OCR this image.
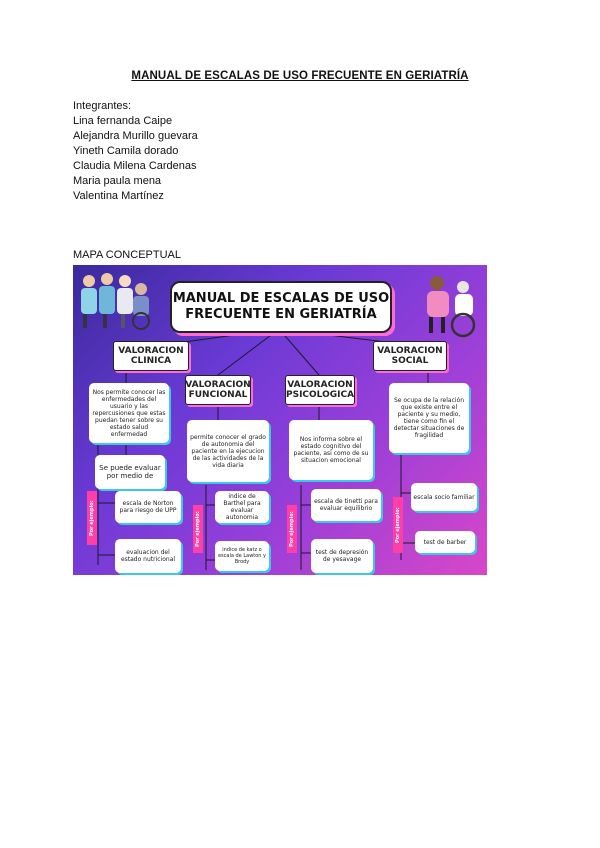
MANUAL DE ESCALAS DE USO FRECUENTE EN GERIATRÍA
Integrantes:
Lina fernanda Caipe
Alejandra Murillo guevara
Yineth Camila dorado
Claudia Milena Cardenas
Maria paula mena
Valentina Martínez
MAPA CONCEPTUAL
MANUAL DE ESCALAS DE USO FRECUENTE EN GERIATRÍA
VALORACION CLINICA
Nos permite conocer las enfermedades del usuario y las repercusiones que estas puedan tener sobre su estado salud enfermedad
Se puede evaluar por medio de
Por ejemplo:	escala de Norton para riesgo de UPP
evaluacion del estado nutricional
VALORACION FUNCIONAL
permite conocer el grado de autonomia del paciente en la ejecucion de las actividades de la vida diaria
Por ejemplo:
indice de Barthel para evaluar autonomia
indice de katz o escala de Lawton y Brody
VALORACION PSICOLOGICA
Nos informa sobre el estado cognitivo del paciente, asi como de su situacion emocional
Por ejemplo:
escala de tinetti para evaluar equilibrio
test de depresión de yesavage
VALORACION SOCIAL
Se ocupa de la relación que existe entre el paciente y su medio, tiene como fin el detectar situaciones de fragilidad
Por ejemplo:
escala socio familiar
test de barber
